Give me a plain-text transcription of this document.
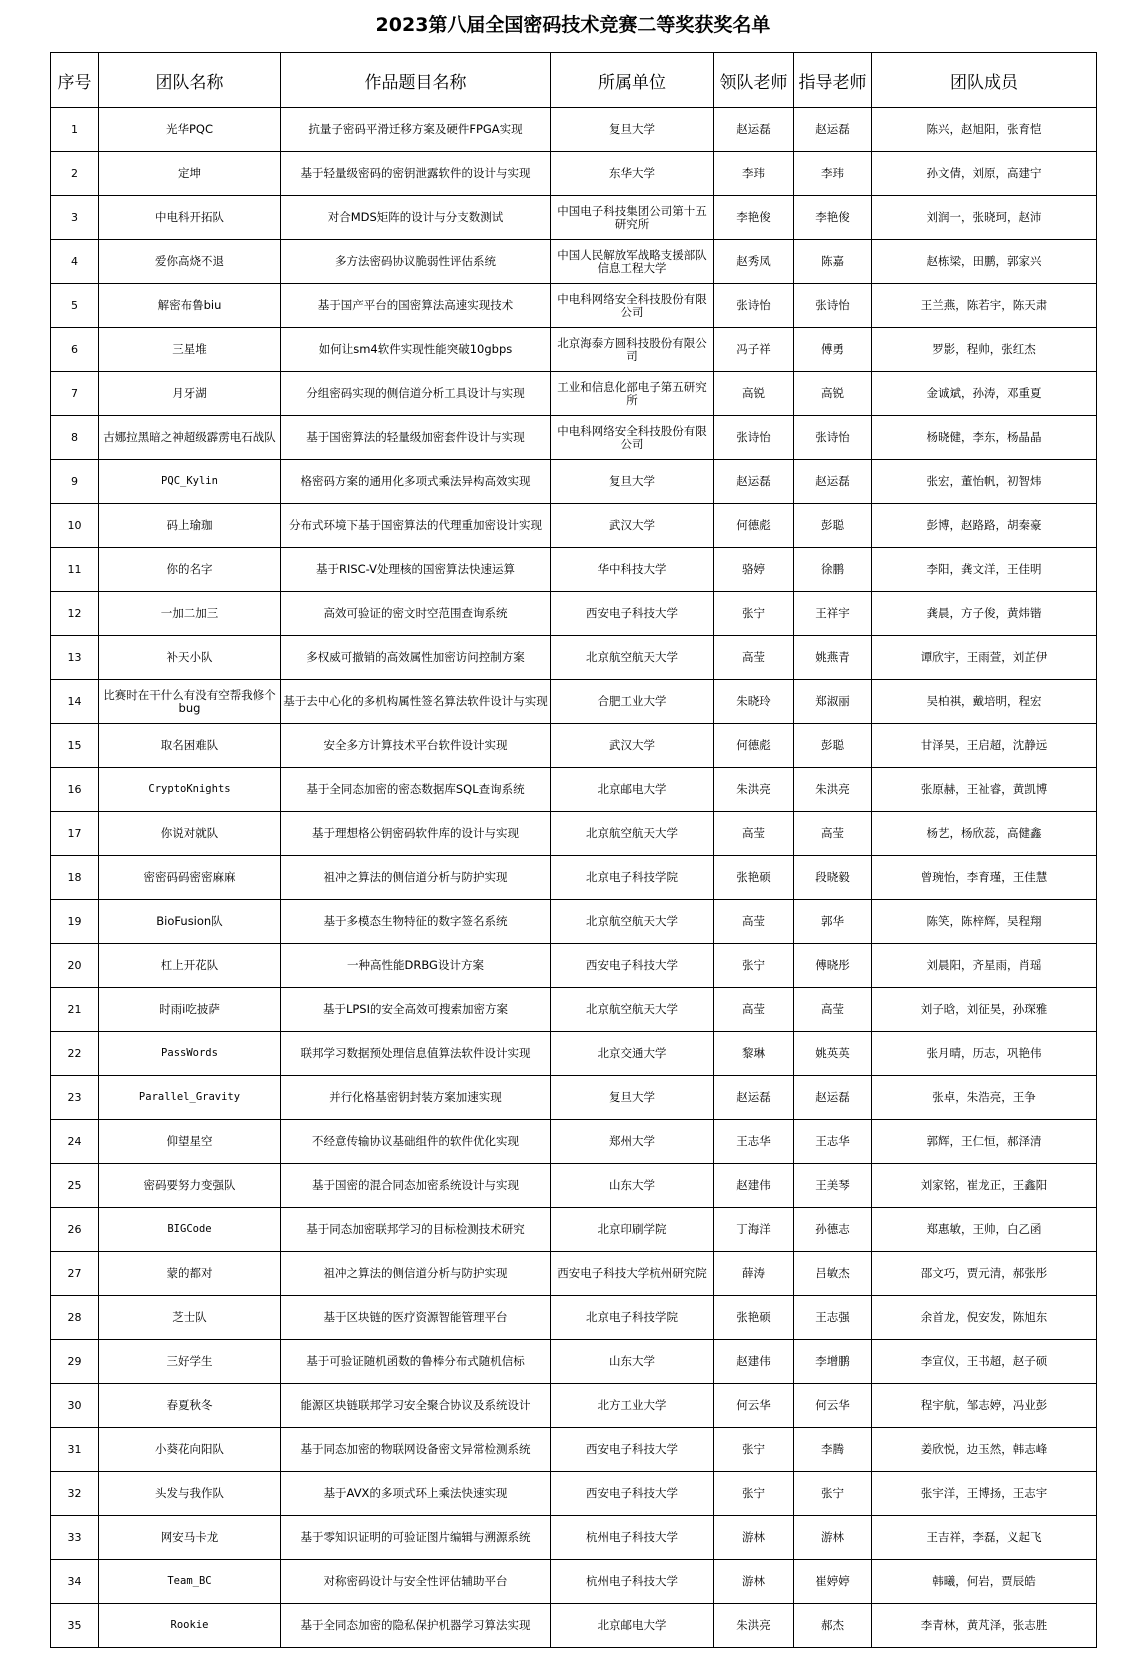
2023第八届全国密码技术竞赛二等奖获奖名单
序号	团队名称	作品题目名称	所属单位	领队老师	指导老师	团队成员
1	光华PQC	抗量子密码平滑迁移方案及硬件FPGA实现	复旦大学	赵运磊	赵运磊	陈兴，赵旭阳，张育恺
2	定坤	基于轻量级密码的密钥泄露软件的设计与实现	东华大学	李玮	李玮	孙文倩，刘原，高建宁
3	中电科开拓队	对合MDS矩阵的设计与分支数测试	中国电子科技集团公司第十五研究所	李艳俊	李艳俊	刘润一，张晓珂，赵沛
4	爱你高烧不退	多方法密码协议脆弱性评估系统	中国人民解放军战略支援部队信息工程大学	赵秀凤	陈嘉	赵栋梁，田鹏，郭家兴
5	解密布鲁biu	基于国产平台的国密算法高速实现技术	中电科网络安全科技股份有限公司	张诗怡	张诗怡	王兰燕，陈若宇，陈天肃
6	三星堆	如何让sm4软件实现性能突破10gbps	北京海泰方圆科技股份有限公司	冯子祥	傅勇	罗影，程帅，张红杰
7	月牙湖	分组密码实现的侧信道分析工具设计与实现	工业和信息化部电子第五研究所	高锐	高锐	金诚斌，孙涛，邓重夏
8	古娜拉黑暗之神超级霹雳电石战队	基于国密算法的轻量级加密套件设计与实现	中电科网络安全科技股份有限公司	张诗怡	张诗怡	杨晓健，李东，杨晶晶
9	PQC_Kylin	格密码方案的通用化多项式乘法异构高效实现	复旦大学	赵运磊	赵运磊	张宏，董怡帆，初智炜
10	码上瑜珈	分布式环境下基于国密算法的代理重加密设计实现	武汉大学	何德彪	彭聪	彭博，赵路路，胡秦豪
11	你的名字	基于RISC-V处理核的国密算法快速运算	华中科技大学	骆婷	徐鹏	李阳，龚文洋，王佳明
12	一加二加三	高效可验证的密文时空范围查询系统	西安电子科技大学	张宁	王祥宇	龚晨，方子俊，黄炜锴
13	补天小队	多权威可撤销的高效属性加密访问控制方案	北京航空航天大学	高莹	姚燕青	谭欣宇，王雨萱，刘芷伊
14	比赛时在干什么有没有空帮我修个bug	基于去中心化的多机构属性签名算法软件设计与实现	合肥工业大学	朱晓玲	郑淑丽	吴柏祺，戴培明，程宏
15	取名困难队	安全多方计算技术平台软件设计实现	武汉大学	何德彪	彭聪	甘泽昊，王启超，沈静远
16	CryptoKnights	基于全同态加密的密态数据库SQL查询系统	北京邮电大学	朱洪亮	朱洪亮	张原赫，王祉睿，黄凯博
17	你说对就队	基于理想格公钥密码软件库的设计与实现	北京航空航天大学	高莹	高莹	杨艺，杨欣蕊，高健鑫
18	密密码码密密麻麻	祖冲之算法的侧信道分析与防护实现	北京电子科技学院	张艳硕	段晓毅	曾琬怡，李育瑾，王佳慧
19	BioFusion队	基于多模态生物特征的数字签名系统	北京航空航天大学	高莹	郭华	陈笑，陈梓辉，吴程翔
20	杠上开花队	一种高性能DRBG设计方案	西安电子科技大学	张宁	傅晓彤	刘晨阳，齐星雨，肖瑶
21	时雨i吃披萨	基于LPSI的安全高效可搜索加密方案	北京航空航天大学	高莹	高莹	刘子晗，刘征昊，孙琛雅
22	PassWords	联邦学习数据预处理信息值算法软件设计实现	北京交通大学	黎琳	姚英英	张月晴，历志，巩艳伟
23	Parallel_Gravity	并行化格基密钥封装方案加速实现	复旦大学	赵运磊	赵运磊	张卓，朱浩亮，王争
24	仰望星空	不经意传输协议基础组件的软件优化实现	郑州大学	王志华	王志华	郭辉，王仁恒，郝泽清
25	密码要努力变强队	基于国密的混合同态加密系统设计与实现	山东大学	赵建伟	王美琴	刘家铭，崔龙正，王鑫阳
26	BIGCode	基于同态加密联邦学习的目标检测技术研究	北京印刷学院	丁海洋	孙德志	郑惠敏，王帅，白乙函
27	蒙的都对	祖冲之算法的侧信道分析与防护实现	西安电子科技大学杭州研究院	薛涛	吕敏杰	邵文巧，贾元清，郝张彤
28	芝士队	基于区块链的医疗资源智能管理平台	北京电子科技学院	张艳硕	王志强	余首龙，倪安发，陈旭东
29	三好学生	基于可验证随机函数的鲁棒分布式随机信标	山东大学	赵建伟	李增鹏	李宣仪，王书超，赵子硕
30	春夏秋冬	能源区块链联邦学习安全聚合协议及系统设计	北方工业大学	何云华	何云华	程宇航，邹志婷，冯业彭
31	小葵花向阳队	基于同态加密的物联网设备密文异常检测系统	西安电子科技大学	张宁	李腾	姜欣悦，边玉然，韩志峰
32	头发与我作队	基于AVX的多项式环上乘法快速实现	西安电子科技大学	张宁	张宁	张宇洋，王博扬，王志宇
33	网安马卡龙	基于零知识证明的可验证图片编辑与溯源系统	杭州电子科技大学	游林	游林	王吉祥，李磊，义起飞
34	Team_BC	对称密码设计与安全性评估辅助平台	杭州电子科技大学	游林	崔婷婷	韩曦，何岩，贾辰皓
35	Rookie	基于全同态加密的隐私保护机器学习算法实现	北京邮电大学	朱洪亮	郝杰	李青林，黄芃泽，张志胜
